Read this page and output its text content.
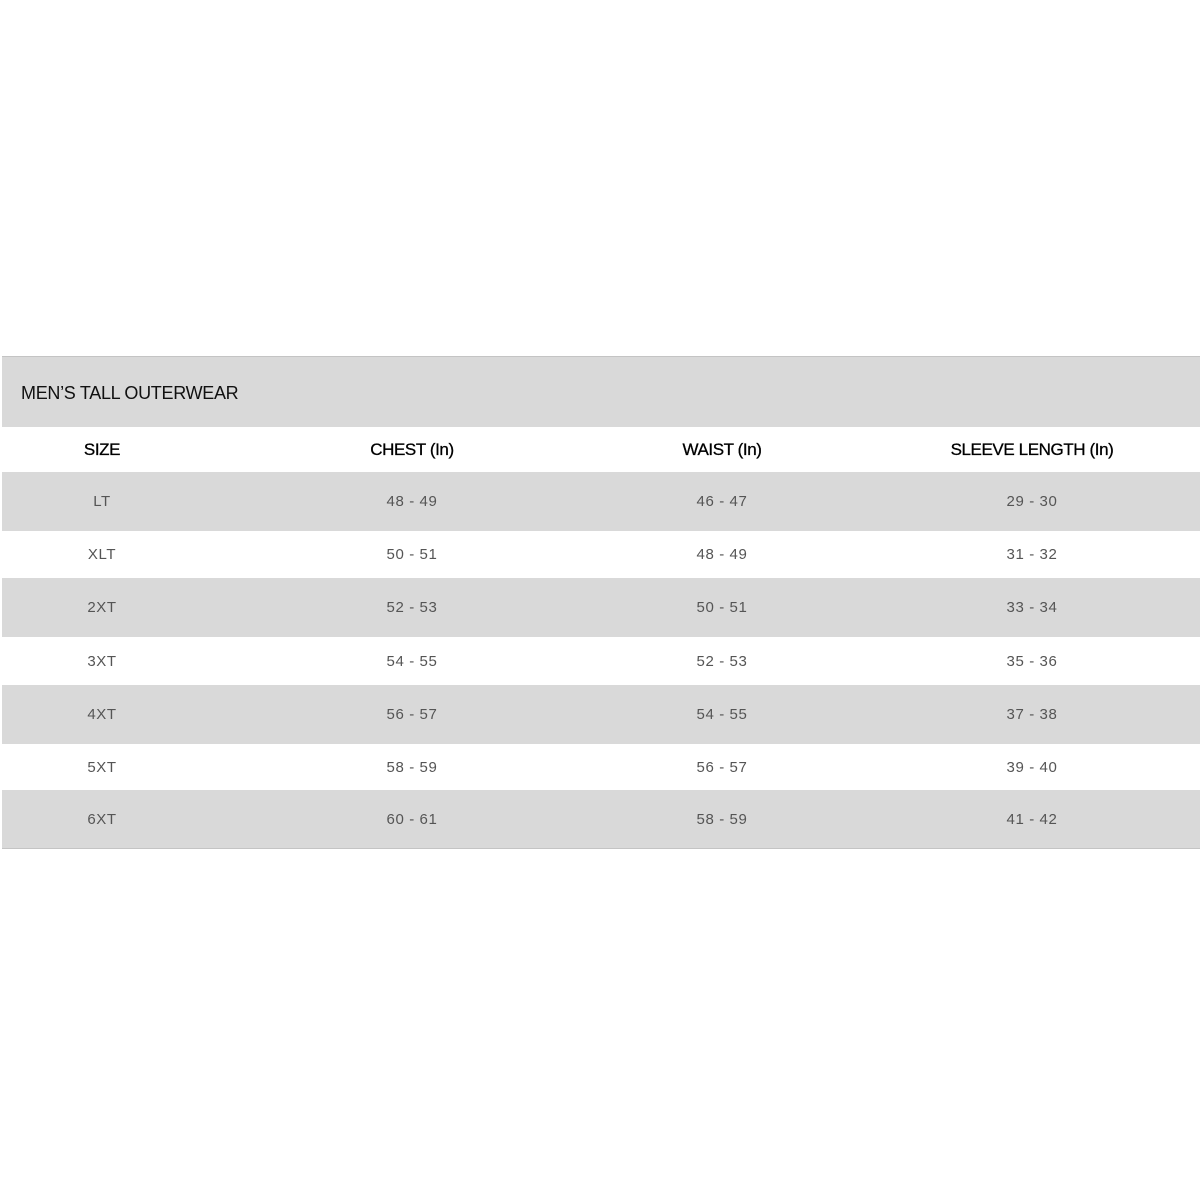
MEN’S TALL OUTERWEAR
SIZE	CHEST (In)	WAIST (In)	SLEEVE LENGTH (In)
LT	48 - 49	46 - 47	29 - 30
XLT	50 - 51	48 - 49	31 - 32
2XT	52 - 53	50 - 51	33 - 34
3XT	54 - 55	52 - 53	35 - 36
4XT	56 - 57	54 - 55	37 - 38
5XT	58 - 59	56 - 57	39 - 40
6XT	60 - 61	58 - 59	41 - 42
